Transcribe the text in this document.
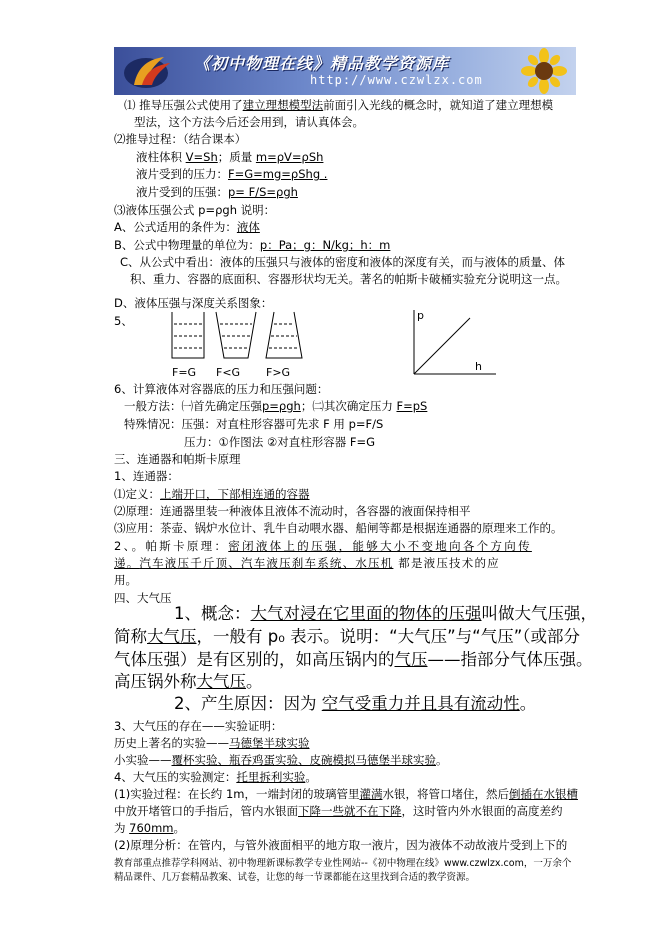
《初中物理在线》精品教学资源库
http://www.czwlzx.com
⑴ 推导压强公式使用了建立理想模型法前面引入光线的概念时，就知道了建立理想模
型法，这个方法今后还会用到，请认真体会。
⑵推导过程：（结合课本）
液柱体积 V=Sh；质量 m=ρV=ρSh
液片受到的压力：F=G=mg=ρShg .
液片受到的压强：p= F/S=ρgh
⑶液体压强公式 p=ρgh 说明：
A、公式适用的条件为：液体
B、公式中物理量的单位为：p：Pa；g：N/kg；h：m
C、从公式中看出：液体的压强只与液体的密度和液体的深度有关，而与液体的质量、体
积、重力、容器的底面积、容器形状均无关。著名的帕斯卡破桶实验充分说明这一点。
D、液体压强与深度关系图象：
5、
F=G F<G F>G
p
h
6、计算液体对容器底的压力和压强问题：
一般方法：㈠首先确定压强p=ρgh；㈡其次确定压力 F=pS
特殊情况：压强：对直柱形容器可先求 F 用 p=F/S
压力：①作图法 ②对直柱形容器 F=G
三、连通器和帕斯卡原理
1、连通器：
⑴定义：上端开口，下部相连通的容器
⑵原理：连通器里装一种液体且液体不流动时，各容器的液面保持相平
⑶应用：茶壶、锅炉水位计、乳牛自动喂水器、船闸等都是根据连通器的原理来工作的。
2、。帕斯卡原理：密闭液体上的压强，能够大小不变地向各个方向传
递。汽车液压千斤顶、汽车液压刹车系统、水压机 都是液压技术的应
用。
四、大气压
1、概念：大气对浸在它里面的物体的压强叫做大气压强，
简称大气压，一般有 p₀ 表示。说明：“大气压”与“气压”（或部分
气体压强）是有区别的，如高压锅内的气压——指部分气体压强。
高压锅外称大气压。
2、产生原因：因为 空气受重力并且具有流动性。
3、大气压的存在——实验证明：
历史上著名的实验——马德堡半球实验
小实验——覆杯实验、瓶吞鸡蛋实验、皮碗模拟马德堡半球实验。
4、大气压的实验测定：托里拆利实验。
(1)实验过程：在长约 1m，一端封闭的玻璃管里灌满水银，将管口堵住，然后倒插在水银槽
中放开堵管口的手指后，管内水银面下降一些就不在下降，这时管内外水银面的高度差约
为 760mm。
(2)原理分析：在管内，与管外液面相平的地方取一液片，因为液体不动故液片受到上下的
教育部重点推荐学科网站、初中物理新课标教学专业性网站--《初中物理在线》www.czwlzx.com，一万余个精品课件、几万套精品教案、试卷，让您的每一节课都能在这里找到合适的教学资源。
